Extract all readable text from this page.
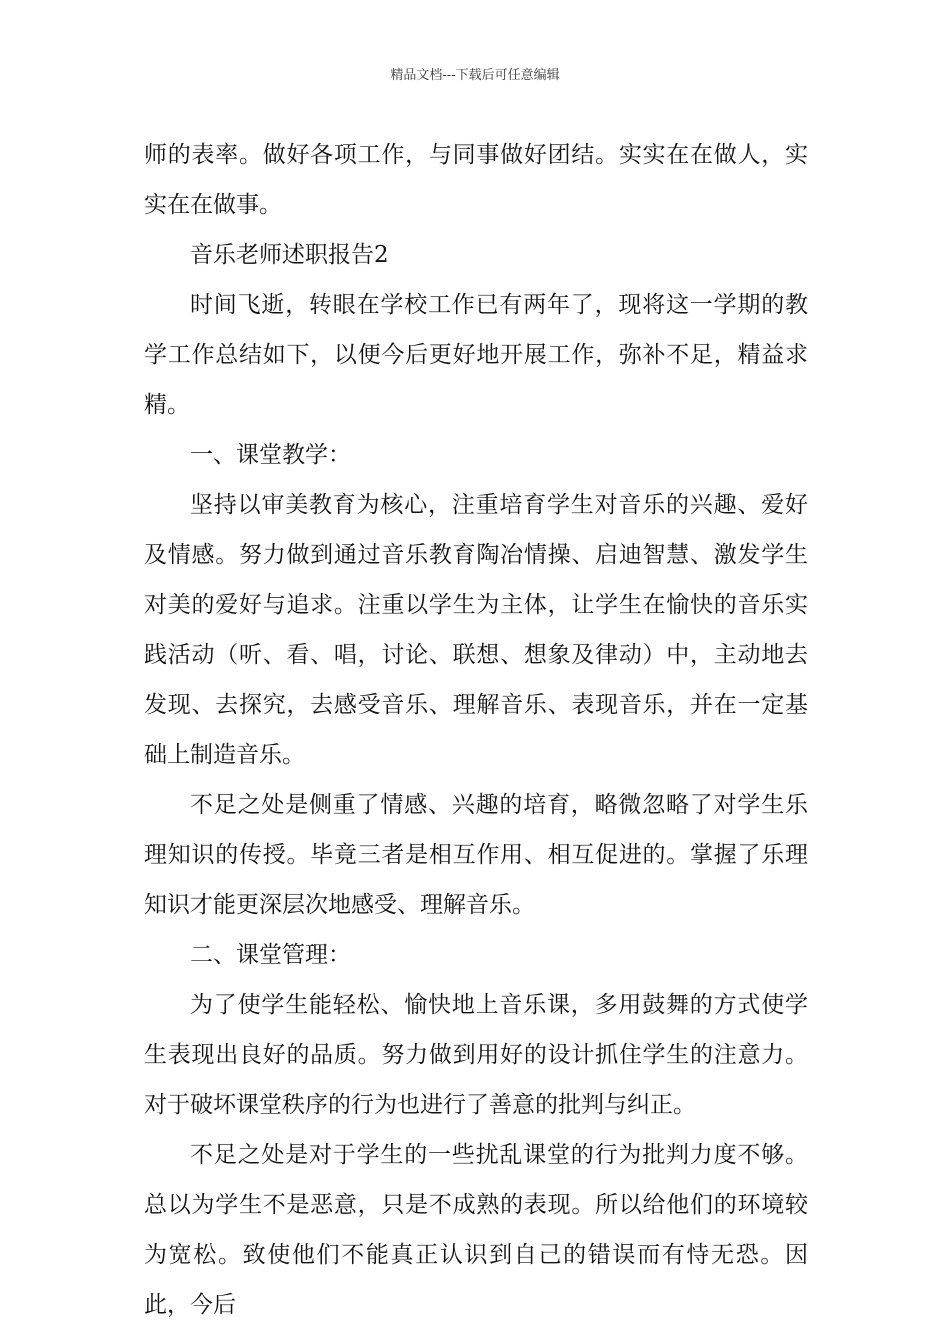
精品文档---下载后可任意编辑

师的表率。做好各项工作，与同事做好团结。实实在在做人，实实在在做事。

音乐老师述职报告2

时间飞逝，转眼在学校工作已有两年了，现将这一学期的教学工作总结如下，以便今后更好地开展工作，弥补不足，精益求精。

一、课堂教学：

坚持以审美教育为核心，注重培育学生对音乐的兴趣、爱好及情感。努力做到通过音乐教育陶冶情操、启迪智慧、激发学生对美的爱好与追求。注重以学生为主体，让学生在愉快的音乐实践活动（听、看、唱，讨论、联想、想象及律动）中，主动地去发现、去探究，去感受音乐、理解音乐、表现音乐，并在一定基础上制造音乐。

不足之处是侧重了情感、兴趣的培育，略微忽略了对学生乐理知识的传授。毕竟三者是相互作用、相互促进的。掌握了乐理知识才能更深层次地感受、理解音乐。

二、课堂管理：

为了使学生能轻松、愉快地上音乐课，多用鼓舞的方式使学生表现出良好的品质。努力做到用好的设计抓住学生的注意力。对于破坏课堂秩序的行为也进行了善意的批判与纠正。

不足之处是对于学生的一些扰乱课堂的行为批判力度不够。总以为学生不是恶意，只是不成熟的表现。所以给他们的环境较为宽松。致使他们不能真正认识到自己的错误而有恃无恐。因此，今后
